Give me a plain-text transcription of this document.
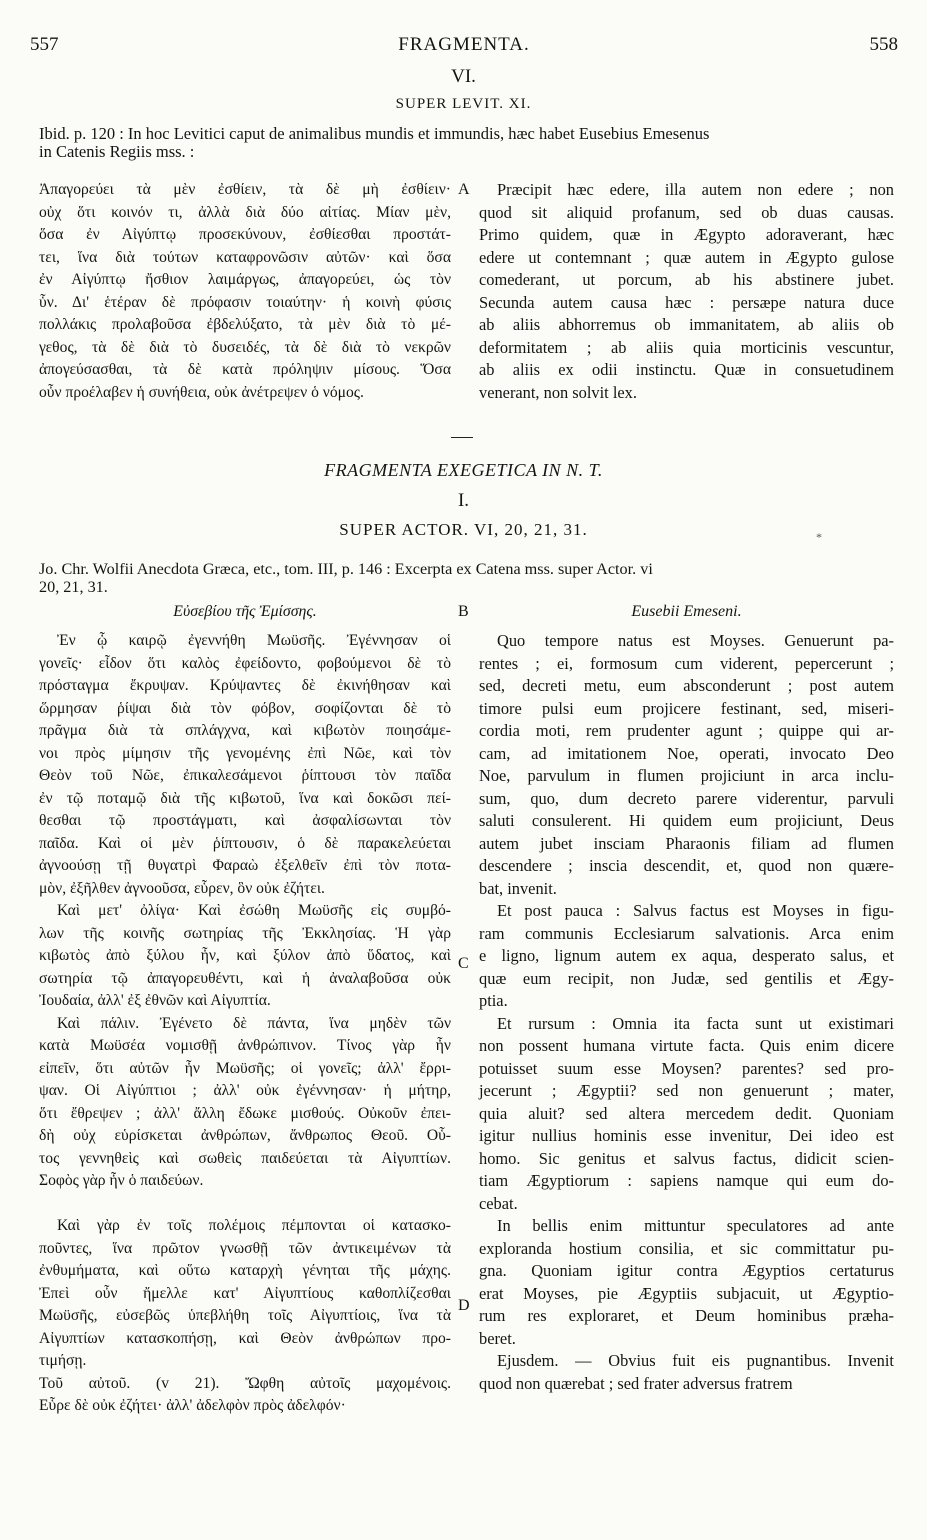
557	FRAGMENTA.	558
VI.
SUPER LEVIT. XI.
Ibid. p. 120 : In hoc Levitici caput de animalibus mundis et immundis, hæc habet Eusebius Emesenus
in Catenis Regiis mss. :
A
Ἀπαγορεύει τὰ μὲν ἐσθίειν, τὰ δὲ μὴ ἐσθίειν·
οὐχ ὅτι κοινόν τι, ἀλλὰ διὰ δύο αἰτίας. Μίαν μὲν,
ὅσα ἐν Αἰγύπτῳ προσεκύνουν, ἐσθίεσθαι προστάτ-
τει, ἵνα διὰ τούτων καταφρονῶσιν αὐτῶν· καὶ ὅσα
ἐν Αἰγύπτῳ ἤσθιον λαιμάργως, ἀπαγορεύει, ὡς τὸν
ὗν. Δι' ἑτέραν δὲ πρόφασιν τοιαύτην· ἡ κοινὴ φύσις
πολλάκις προλαβοῦσα ἐβδελύξατο, τὰ μὲν διὰ τὸ μέ-
γεθος, τὰ δὲ διὰ τὸ δυσειδές, τὰ δὲ διὰ τὸ νεκρῶν
ἀπογεύσασθαι, τὰ δὲ κατὰ πρόληψιν μίσους. Ὅσα
οὖν προέλαβεν ἡ συνήθεια, οὐκ ἀνέτρεψεν ὁ νόμος.
Præcipit hæc edere, illa autem non edere ; non
quod sit aliquid profanum, sed ob duas causas.
Primo quidem, quæ in Ægypto adoraverant, hæc
edere ut contemnant ; quæ autem in Ægypto gulose
comederant, ut porcum, ab his abstinere jubet.
Secunda autem causa hæc : persæpe natura duce
ab aliis abhorremus ob immanitatem, ab aliis ob
deformitatem ; ab aliis quia morticinis vescuntur,
ab aliis ex odii instinctu. Quæ in consuetudinem
venerant, non solvit lex.
FRAGMENTA EXEGETICA IN N. T.
I.
SUPER ACTOR. VI, 20, 21, 31.	*
Jo. Chr. Wolfii Anecdota Græca, etc., tom. III, p. 146 : Excerpta ex Catena mss. super Actor. vi
20, 21, 31.
B
C
D
Εὐσεβίου τῆς Ἐμίσσης.	Eusebii Emeseni.
Ἐν ᾧ καιρῷ ἐγεννήθη Μωϋσῆς. Ἐγέννησαν οἱ
γονεῖς· εἶδον ὅτι καλὸς ἐφείδοντο, φοβούμενοι δὲ τὸ
πρόσταγμα ἔκρυψαν. Κρύψαντες δὲ ἐκινήθησαν καὶ
ὥρμησαν ῥίψαι διὰ τὸν φόβον, σοφίζονται δὲ τὸ
πρᾶγμα διὰ τὰ σπλάγχνα, καὶ κιβωτὸν ποιησάμε-
νοι πρὸς μίμησιν τῆς γενομένης ἐπὶ Νῶε, καὶ τὸν
Θεὸν τοῦ Νῶε, ἐπικαλεσάμενοι ῥίπτουσι τὸν παῖδα
ἐν τῷ ποταμῷ διὰ τῆς κιβωτοῦ, ἵνα καὶ δοκῶσι πεί-
θεσθαι τῷ προστάγματι, καὶ ἀσφαλίσωνται τὸν
παῖδα. Καὶ οἱ μὲν ῥίπτουσιν, ὁ δὲ παρακελεύεται
ἀγνοούσῃ τῇ θυγατρὶ Φαραὼ ἐξελθεῖν ἐπὶ τὸν ποτα-
μὸν, ἐξῆλθεν ἀγνοοῦσα, εὗρεν, ὃν οὐκ ἐζήτει.
Καὶ μετ' ὀλίγα· Καὶ ἐσώθη Μωϋσῆς εἰς συμβό-
λων τῆς κοινῆς σωτηρίας τῆς Ἐκκλησίας. Ἡ γὰρ
κιβωτὸς ἀπὸ ξύλου ἦν, καὶ ξύλον ἀπὸ ὕδατος, καὶ
σωτηρία τῷ ἀπαγορευθέντι, καὶ ἡ ἀναλαβοῦσα οὐκ
Ἰουδαία, ἀλλ' ἐξ ἐθνῶν καὶ Αἰγυπτία.
Καὶ πάλιν. Ἐγένετο δὲ πάντα, ἵνα μηδὲν τῶν
κατὰ Μωϋσέα νομισθῇ ἀνθρώπινον. Τίνος γὰρ ἦν
εἰπεῖν, ὅτι αὐτῶν ἦν Μωϋσῆς; οἱ γονεῖς; ἀλλ' ἔρρι-
ψαν. Οἱ Αἰγύπτιοι ; ἀλλ' οὐκ ἐγέννησαν· ἡ μήτηρ,
ὅτι ἔθρεψεν ; ἀλλ' ἄλλη ἔδωκε μισθούς. Οὐκοῦν ἐπει-
δὴ οὐχ εὑρίσκεται ἀνθρώπων, ἄνθρωπος Θεοῦ. Οὗ-
τος γεννηθεὶς καὶ σωθεὶς παιδεύεται τὰ Αἰγυπτίων.
Σοφὸς γὰρ ἦν ὁ παιδεύων.
Καὶ γὰρ ἐν τοῖς πολέμοις πέμπονται οἱ κατασκο-
ποῦντες, ἵνα πρῶτον γνωσθῇ τῶν ἀντικειμένων τὰ
ἐνθυμήματα, καὶ οὕτω καταρχὴ γένηται τῆς μάχης.
Ἐπεὶ οὖν ἤμελλε κατ' Αἰγυπτίους καθοπλίζεσθαι
Μωϋσῆς, εὐσεβῶς ὑπεβλήθη τοῖς Αἰγυπτίοις, ἵνα τὰ
Αἰγυπτίων κατασκοπήσῃ, καὶ Θεὸν ἀνθρώπων προ-
τιμήσῃ.
Τοῦ αὐτοῦ. (v 21). Ὤφθη αὐτοῖς μαχομένοις.
Εὗρε δὲ οὐκ ἐζήτει· ἀλλ' ἀδελφὸν πρὸς ἀδελφόν·
Quo tempore natus est Moyses. Genuerunt pa-
rentes ; ei, formosum cum viderent, pepercerunt ;
sed, decreti metu, eum absconderunt ; post autem
timore pulsi eum projicere festinant, sed, miseri-
cordia moti, rem prudenter agunt ; quippe qui ar-
cam, ad imitationem Noe, operati, invocato Deo
Noe, parvulum in flumen projiciunt in arca inclu-
sum, quo, dum decreto parere viderentur, parvuli
saluti consulerent. Hi quidem eum projiciunt, Deus
autem jubet insciam Pharaonis filiam ad flumen
descendere ; inscia descendit, et, quod non quære-
bat, invenit.
Et post pauca : Salvus factus est Moyses in figu-
ram communis Ecclesiarum salvationis. Arca enim
e ligno, lignum autem ex aqua, desperato salus, et
quæ eum recipit, non Judæ, sed gentilis et Ægy-
ptia.
Et rursum : Omnia ita facta sunt ut existimari
non possent humana virtute facta. Quis enim dicere
potuisset suum esse Moysen? parentes? sed pro-
jecerunt ; Ægyptii? sed non genuerunt ; mater,
quia aluit? sed altera mercedem dedit. Quoniam
igitur nullius hominis esse invenitur, Dei ideo est
homo. Sic genitus et salvus factus, didicit scien-
tiam Ægyptiorum : sapiens namque qui eum do-
cebat.
In bellis enim mittuntur speculatores ad ante
exploranda hostium consilia, et sic committatur pu-
gna. Quoniam igitur contra Ægyptios certaturus
erat Moyses, pie Ægyptiis subjacuit, ut Ægyptio-
rum res exploraret, et Deum hominibus præha-
beret.
Ejusdem. — Obvius fuit eis pugnantibus. Invenit
quod non quærebat ; sed frater adversus fratrem
